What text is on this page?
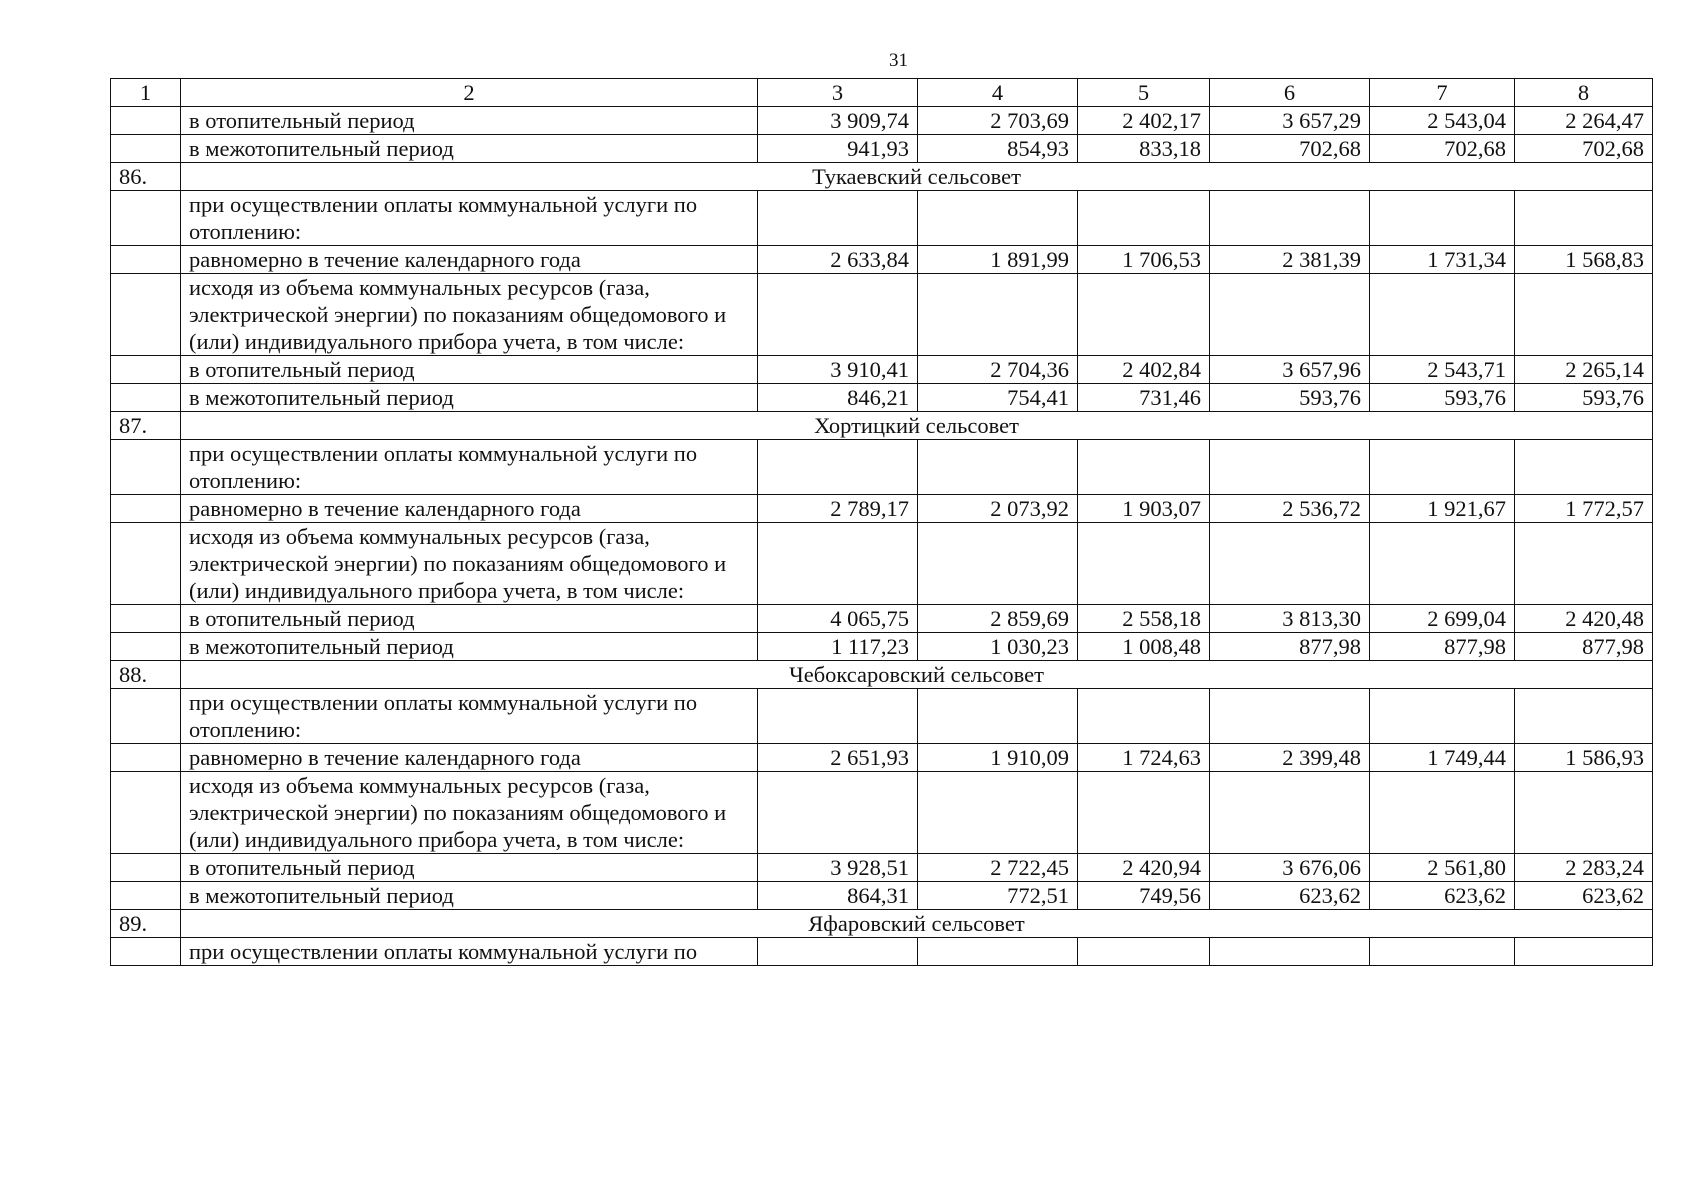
31
1	2	3	4	5	6	7	8
	в отопительный период	3 909,74	2 703,69	2 402,17	3 657,29	2 543,04	2 264,47
	в межотопительный период	941,93	854,93	833,18	702,68	702,68	702,68
86.	Тукаевский сельсовет						
	при осуществлении оплаты коммунальной услуги по отоплению:						
	равномерно в течение календарного года	2 633,84	1 891,99	1 706,53	2 381,39	1 731,34	1 568,83
	исходя из объема коммунальных ресурсов (газа, электрической энергии) по показаниям общедомового и (или) индивидуального прибора учета, в том числе:						
	в отопительный период	3 910,41	2 704,36	2 402,84	3 657,96	2 543,71	2 265,14
	в межотопительный период	846,21	754,41	731,46	593,76	593,76	593,76
87.	Хортицкий сельсовет						
	при осуществлении оплаты коммунальной услуги по отоплению:						
	равномерно в течение календарного года	2 789,17	2 073,92	1 903,07	2 536,72	1 921,67	1 772,57
	исходя из объема коммунальных ресурсов (газа, электрической энергии) по показаниям общедомового и (или) индивидуального прибора учета, в том числе:						
	в отопительный период	4 065,75	2 859,69	2 558,18	3 813,30	2 699,04	2 420,48
	в межотопительный период	1 117,23	1 030,23	1 008,48	877,98	877,98	877,98
88.	Чебоксаровский сельсовет						
	при осуществлении оплаты коммунальной услуги по отоплению:						
	равномерно в течение календарного года	2 651,93	1 910,09	1 724,63	2 399,48	1 749,44	1 586,93
	исходя из объема коммунальных ресурсов (газа, электрической энергии) по показаниям общедомового и (или) индивидуального прибора учета, в том числе:						
	в отопительный период	3 928,51	2 722,45	2 420,94	3 676,06	2 561,80	2 283,24
	в межотопительный период	864,31	772,51	749,56	623,62	623,62	623,62
89.	Яфаровский сельсовет						
	при осуществлении оплаты коммунальной услуги по						
